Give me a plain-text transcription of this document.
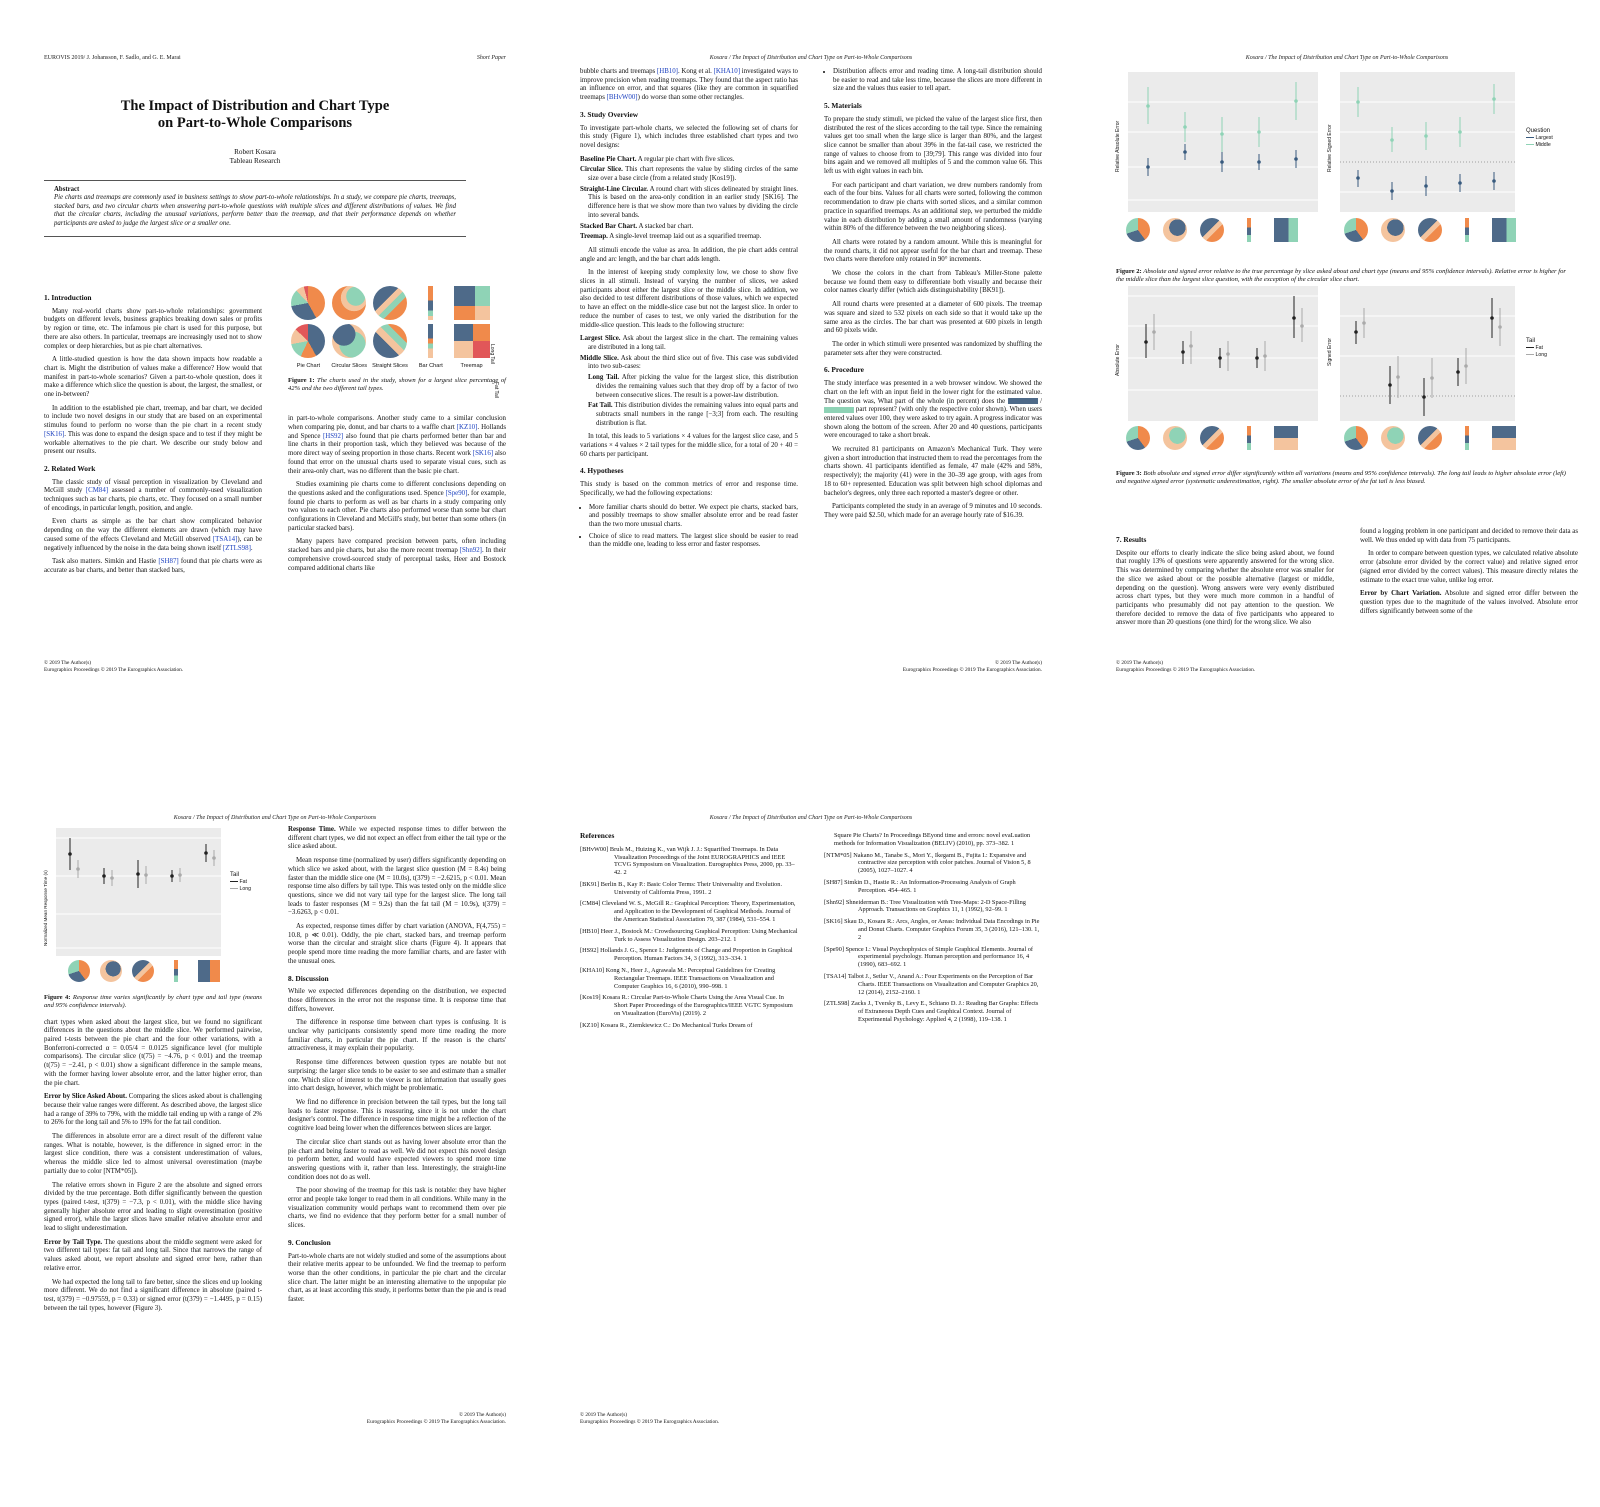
EUROVIS 2019/ J. Johansson, F. Sadlo, and G. E. Marai	Short Paper
The Impact of Distribution and Chart Type
on Part-to-Whole Comparisons
Robert Kosara
Tableau Research
Abstract
Pie charts and treemaps are commonly used in business settings to show part-to-whole relationships. In a study, we compare pie charts, treemaps, stacked bars, and two circular charts when answering part-to-whole questions with multiple slices and different distributions of values. We find that the circular charts, including the unusual variations, perform better than the treemap, and that their performance depends on whether participants are asked to judge the largest slice or a smaller one.
1. Introduction

Many real-world charts show part-to-whole relationships: government budgets on different levels, business graphics breaking down sales or profits by region or time, etc. The infamous pie chart is used for this purpose, but there are also others. In particular, treemaps are increasingly used not to show complex or deep hierarchies, but as pie chart alternatives.

A little-studied question is how the data shown impacts how readable a chart is. Might the distribution of values make a difference? How would that manifest in part-to-whole scenarios? Given a part-to-whole question, does it make a difference which slice the question is about, the largest, the smallest, or one in-between?

In addition to the established pie chart, treemap, and bar chart, we decided to include two novel designs in our study that are based on an experimental stimulus found to perform no worse than the pie chart in a recent study [SK16]. This was done to expand the design space and to test if they might be workable alternatives to the pie chart. We describe our study below and present our results.

2. Related Work

The classic study of visual perception in visualization by Cleveland and McGill study [CM84] assessed a number of commonly-used visualization techniques such as bar charts, pie charts, etc. They focused on a small number of encodings, in particular length, position, and angle.

Even charts as simple as the bar chart show complicated behavior depending on the way the different elements are drawn (which may have caused some of the effects Cleveland and McGill observed [TSA14]), can be negatively influenced by the noise in the data being shown itself [ZTLS98].

Task also matters. Simkin and Hastie [SH87] found that pie charts were as accurate as bar charts, and better than stacked bars,

Pie Chart	Circular Slices Straight Slices	Bar Chart	Treemap
Long Tail
Fat Tail
Figure 1: The charts used in the study, shown for a largest slice percentage of 42% and the two different tail types.

in part-to-whole comparisons. Another study came to a similar conclusion when comparing pie, donut, and bar charts to a waffle chart [KZ10]. Hollands and Spence [HS92] also found that pie charts performed better than bar and line charts in their proportion task, which they believed was because of the more direct way of seeing proportion in those charts. Recent work [SK16] also found that error on the unusual charts used to separate visual cues, such as their area-only chart, was no different than the basic pie chart.

Studies examining pie charts come to different conclusions depending on the questions asked and the configurations used. Spence [Spe90], for example, found pie charts to perform as well as bar charts in a study comparing only two values to each other. Pie charts also performed worse than some bar chart configurations in Cleveland and McGill's study, but better than some others (in particular stacked bars).

Many papers have compared precision between parts, often including stacked bars and pie charts, but also the more recent treemap [Shn92]. In their comprehensive crowd-sourced study of perceptual tasks, Heer and Bostock compared additional charts like

© 2019 The Author(s)
Eurographics Proceedings © 2019 The Eurographics Association.
Kosara / The Impact of Distribution and Chart Type on Part-to-Whole Comparisons

bubble charts and treemaps [HB10]. Kong et al. [KHA10] investigated ways to improve precision when reading treemaps. They found that the aspect ratio has an influence on error, and that squares (like they are common in squarified treemaps [BHvW00]) do worse than some other rectangles.

3. Study Overview

To investigate part-whole charts, we selected the following set of charts for this study (Figure 1), which includes three established chart types and two novel designs:

Baseline Pie Chart. A regular pie chart with five slices.

Circular Slice. This chart represents the value by sliding circles of the same size over a base circle (from a related study [Kos19]).

Straight-Line Circular. A round chart with slices delineated by straight lines. This is based on the area-only condition in an earlier study [SK16]. The difference here is that we show more than two values by dividing the circle into several bands.

Stacked Bar Chart. A stacked bar chart.

Treemap. A single-level treemap laid out as a squarified treemap.

All stimuli encode the value as area. In addition, the pie chart adds central angle and arc length, and the bar chart adds length.

In the interest of keeping study complexity low, we chose to show five slices in all stimuli. Instead of varying the number of slices, we asked participants about either the largest slice or the middle slice. In addition, we also decided to test different distributions of those values, which we expected to have an effect on the middle-slice case but not the largest slice. In order to reduce the number of cases to test, we only varied the distribution for the middle-slice question. This leads to the following structure:

Largest Slice. Ask about the largest slice in the chart. The remaining values are distributed in a long tail.

Middle Slice. Ask about the third slice out of five. This case was subdivided into two sub-cases:

Long Tail. After picking the value for the largest slice, this distribution divides the remaining values such that they drop off by a factor of two between consecutive slices. The result is a power-law distribution.

Fat Tail. This distribution divides the remaining values into equal parts and subtracts small numbers in the range [−3;3] from each. The resulting distribution is flat.

In total, this leads to 5 variations × 4 values for the largest slice case, and 5 variations × 4 values × 2 tail types for the middle slice, for a total of 20 + 40 = 60 charts per participant.

4. Hypotheses

This study is based on the common metrics of error and response time. Specifically, we had the following expectations:

• More familiar charts should do better. We expect pie charts, stacked bars, and possibly treemaps to show smaller absolute error and be read faster than the two more unusual charts.
• Choice of slice to read matters. The largest slice should be easier to read than the middle one, leading to less error and faster responses.
• Distribution affects error and reading time. A long-tail distribution should be easier to read and take less time, because the slices are more different in size and the values thus easier to tell apart.
5. Materials

To prepare the study stimuli, we picked the value of the largest slice first, then distributed the rest of the slices according to the tail type. Since the remaining values get too small when the large slice is larger than 80%, and the largest slice cannot be smaller than about 39% in the fat-tail case, we restricted the range of values to choose from to [39;79]. This range was divided into four bins again and we removed all multiples of 5 and the common value 66. This left us with eight values in each bin.

For each participant and chart variation, we drew numbers randomly from each of the four bins. Values for all charts were sorted, following the common recommendation to draw pie charts with sorted slices, and a similar common practice in squarified treemaps. As an additional step, we perturbed the middle value in each distribution by adding a small amount of randomness (varying within 80% of the difference between the two neighboring slices).

All charts were rotated by a random amount. While this is meaningful for the round charts, it did not appear useful for the bar chart and treemap. These two charts were therefore only rotated in 90° increments.

We chose the colors in the chart from Tableau's Miller-Stone palette because we found them easy to differentiate both visually and because their color names clearly differ (which aids distinguishability [BK91]).

All round charts were presented at a diameter of 600 pixels. The treemap was square and sized to 532 pixels on each side so that it would take up the same area as the circles. The bar chart was presented at 600 pixels in length and 60 pixels wide.

The order in which stimuli were presented was randomized by shuffling the parameter sets after they were constructed.

6. Procedure

The study interface was presented in a web browser window. We showed the chart on the left with an input field in the lower right for the estimated value. The question was, What part of the whole (in percent) does the	/  part represent? (with only the respective color shown). When users entered values over 100, they were asked to try again. A progress indicator was shown along the bottom of the screen. After 20 and 40 questions, participants were encouraged to take a short break.

We recruited 81 participants on Amazon's Mechanical Turk. They were given a short introduction that instructed them to read the percentages from the charts shown. 41 participants identified as female, 47 male (42% and 58%, respectively); the majority (41) were in the 30–39 age group, with ages from 18 to 60+ represented. Education was split between high school diplomas and bachelor's degrees, only three each reported a master's degree or other.

Participants completed the study in an average of 9 minutes and 10 seconds. They were paid $2.50, which made for an average hourly rate of $16.39.

© 2019 The Author(s)
Eurographics Proceedings © 2019 The Eurographics Association.
Kosara / The Impact of Distribution and Chart Type on Part-to-Whole Comparisons
Relative Absolute Error	Relative Signed Error	Question
Largest
Middle
Figure 2: Absolute and signed error relative to the true percentage by slice asked about and chart type (means and 95% confidence intervals). Relative error is higher for the middle slice than the largest slice question, with the exception of the circular slice chart.
Absolute Error	Signed Error	Tail
Fat
Long
Figure 3: Both absolute and signed error differ significantly within all variations (means and 95% confidence intervals). The long tail leads to higher absolute error (left) and negative signed error (systematic underestimation, right). The smaller absolute error of the fat tail is less biased.
7. Results

Despite our efforts to clearly indicate the slice being asked about, we found that roughly 13% of questions were apparently answered for the wrong slice. This was determined by comparing whether the absolute error was smaller for the slice we asked about or the possible alternative (largest or middle, depending on the question). Wrong answers were very evenly distributed across chart types, but they were much more common in a handful of participants who presumably did not pay attention to the question. We therefore decided to remove the data of five participants who appeared to answer more than 20 questions (one third) for the wrong slice. We also

found a logging problem in one participant and decided to remove their data as well. We thus ended up with data from 75 participants.

In order to compare between question types, we calculated relative absolute error (absolute error divided by the correct value) and relative signed error (signed error divided by the correct values). This measure directly relates the estimate to the exact true value, unlike log error.

Error by Chart Variation. Absolute and signed error differ between the question types due to the magnitude of the values involved. Absolute error differs significantly between some of the

© 2019 The Author(s)
Eurographics Proceedings © 2019 The Eurographics Association.
Kosara / The Impact of Distribution and Chart Type on Part-to-Whole Comparisons
Normalized Mean Response Time (s)	Tail
Fat
Long
Figure 4: Response time varies significantly by chart type and tail type (means and 95% confidence intervals).

chart types when asked about the largest slice, but we found no significant differences in the questions about the middle slice. We performed pairwise, paired t-tests between the pie chart and the four other variations, with a Bonferroni-corrected α = 0.05/4 = 0.0125 significance level (for multiple comparisons). The circular slice (t(75) = −4.76, p < 0.01) and the treemap (t(75) = −2.41, p < 0.01) show a significant difference in the sample means, with the former having lower absolute error, and the latter higher error, than the pie chart.

Error by Slice Asked About. Comparing the slices asked about is challenging because their value ranges were different. As described above, the largest slice had a range of 39% to 79%, with the middle tail ending up with a range of 2% to 26% for the long tail and 5% to 19% for the fat tail condition.

The differences in absolute error are a direct result of the different value ranges. What is notable, however, is the difference in signed error: in the largest slice condition, there was a consistent underestimation of values, whereas the middle slice led to almost universal overestimation (maybe partially due to color [NTM*05]).

The relative errors shown in Figure 2 are the absolute and signed errors divided by the true percentage. Both differ significantly between the question types (paired t-test, t(379) = −7.3, p < 0.01), with the middle slice having generally higher absolute error and leading to slight overestimation (positive signed error), while the larger slices have smaller relative absolute error and lead to slight underestimation.

Error by Tail Type. The questions about the middle segment were asked for two different tail types: fat tail and long tail. Since that narrows the range of values asked about, we report absolute and signed error here, rather than relative error.

We had expected the long tail to fare better, since the slices end up looking more different. We do not find a significant difference in absolute (paired t-test, t(379) = −0.97559, p = 0.33) or signed error (t(379) = −1.4495, p = 0.15) between the tail types, however (Figure 3).

Response Time. While we expected response times to differ between the different chart types, we did not expect an effect from either the tail type or the slice asked about.

Mean response time (normalized by user) differs significantly depending on which slice we asked about, with the largest slice question (M = 8.4s) being faster than the middle slice one (M = 10.0s), t(379) = −2.6215, p < 0.01. Mean response time also differs by tail type. This was tested only on the middle slice questions, since we did not vary tail type for the largest slice. The long tail leads to faster responses (M = 9.2s) than the fat tail (M = 10.9s), t(379) = −3.6263, p < 0.01.

As expected, response times differ by chart variation (ANOVA, F(4,755) = 10.8, p ≪ 0.01). Oddly, the pie chart, stacked bars, and treemap perform worse than the circular and straight slice charts (Figure 4). It appears that people spend more time reading the more familiar charts, and are faster with the unusual ones.

8. Discussion

While we expected differences depending on the distribution, we expected those differences in the error not the response time. It is response time that differs, however.

The difference in response time between chart types is confusing. It is unclear why participants consistently spend more time reading the more familiar charts, in particular the pie chart. If the reason is the charts' attractiveness, it may explain their popularity.

Response time differences between question types are notable but not surprising: the larger slice tends to be easier to see and estimate than a smaller one. Which slice of interest to the viewer is not information that usually goes into chart design, however, which might be problematic.

We find no difference in precision between the tail types, but the long tail leads to faster response. This is reassuring, since it is not under the chart designer's control. The difference in response time might be a reflection of the cognitive load being lower when the differences between slices are larger.

The circular slice chart stands out as having lower absolute error than the pie chart and being faster to read as well. We did not expect this novel design to perform better, and would have expected viewers to spend more time answering questions with it, rather than less. Interestingly, the straight-line condition does not do as well.

The poor showing of the treemap for this task is notable: they have higher error and people take longer to read them in all conditions. While many in the visualization community would perhaps want to recommend them over pie charts, we find no evidence that they perform better for a small number of slices.

9. Conclusion

Part-to-whole charts are not widely studied and some of the assumptions about their relative merits appear to be unfounded. We find the treemap to perform worse than the other conditions, in particular the pie chart and the circular slice chart. The latter might be an interesting alternative to the unpopular pie chart, as at least according this study, it performs better than the pie and is read faster.

© 2019 The Author(s)
Eurographics Proceedings © 2019 The Eurographics Association.
Kosara / The Impact of Distribution and Chart Type on Part-to-Whole Comparisons
References

[BHvW00] Bruls M., Huizing K., van Wijk J. J.: Squarified Treemaps. In Data Visualization Proceedings of the Joint EUROGRAPHICS and IEEE TCVG Symposium on Visualization. Eurographics Press, 2000, pp. 33–42. 2

[BK91] Berlin B., Kay P.: Basic Color Terms: Their Universality and Evolution. University of California Press, 1991. 2

[CM84] Cleveland W. S., McGill R.: Graphical Perception: Theory, Experimentation, and Application to the Development of Graphical Methods. Journal of the American Statistical Association 79, 387 (1984), 531–554. 1

[HB10] Heer J., Bostock M.: Crowdsourcing Graphical Perception: Using Mechanical Turk to Assess Visualization Design. 203–212. 1

[HS92] Hollands J. G., Spence I.: Judgments of Change and Proportion in Graphical Perception. Human Factors 34, 3 (1992), 313–334. 1

[KHA10] Kong N., Heer J., Agrawala M.: Perceptual Guidelines for Creating Rectangular Treemaps. IEEE Transactions on Visualization and Computer Graphics 16, 6 (2010), 990–998. 1

[Kos19] Kosara R.: Circular Part-to-Whole Charts Using the Area Visual Cue. In Short Paper Proceedings of the Eurographics/IEEE VGTC Symposium on Visualization (EuroVis) (2019). 2

[KZ10] Kosara R., Ziemkiewicz C.: Do Mechanical Turks Dream of

Square Pie Charts? In Proceedings BEyond time and errors: novel evaLuation methods for Information Visualization (BELIV) (2010), pp. 373–382. 1

[NTM*05] Nakano M., Tanabe S., Mori Y., Ikegami B., Fujita I.: Expansive and contractive size perception with color patches. Journal of Vision 5, 8 (2005), 1027–1027. 4

[SH87] Simkin D., Hastie R.: An Information-Processing Analysis of Graph Perception. 454–465. 1

[Shn92] Shneiderman B.: Tree Visualization with Tree-Maps: 2-D Space-Filling Approach. Transactions on Graphics 11, 1 (1992), 92–99. 1

[SK16] Skau D., Kosara R.: Arcs, Angles, or Areas: Individual Data Encodings in Pie and Donut Charts. Computer Graphics Forum 35, 3 (2016), 121–130. 1, 2

[Spe90] Spence I.: Visual Psychophysics of Simple Graphical Elements. Journal of experimental psychology. Human perception and performance 16, 4 (1990), 683–692. 1

[TSA14] Talbot J., Setlur V., Anand A.: Four Experiments on the Perception of Bar Charts. IEEE Transactions on Visualization and Computer Graphics 20, 12 (2014), 2152–2160. 1

[ZTLS98] Zacks J., Tversky B., Levy E., Schiano D. J.: Reading Bar Graphs: Effects of Extraneous Depth Cues and Graphical Context. Journal of Experimental Psychology: Applied 4, 2 (1998), 119–138. 1

© 2019 The Author(s)
Eurographics Proceedings © 2019 The Eurographics Association.
